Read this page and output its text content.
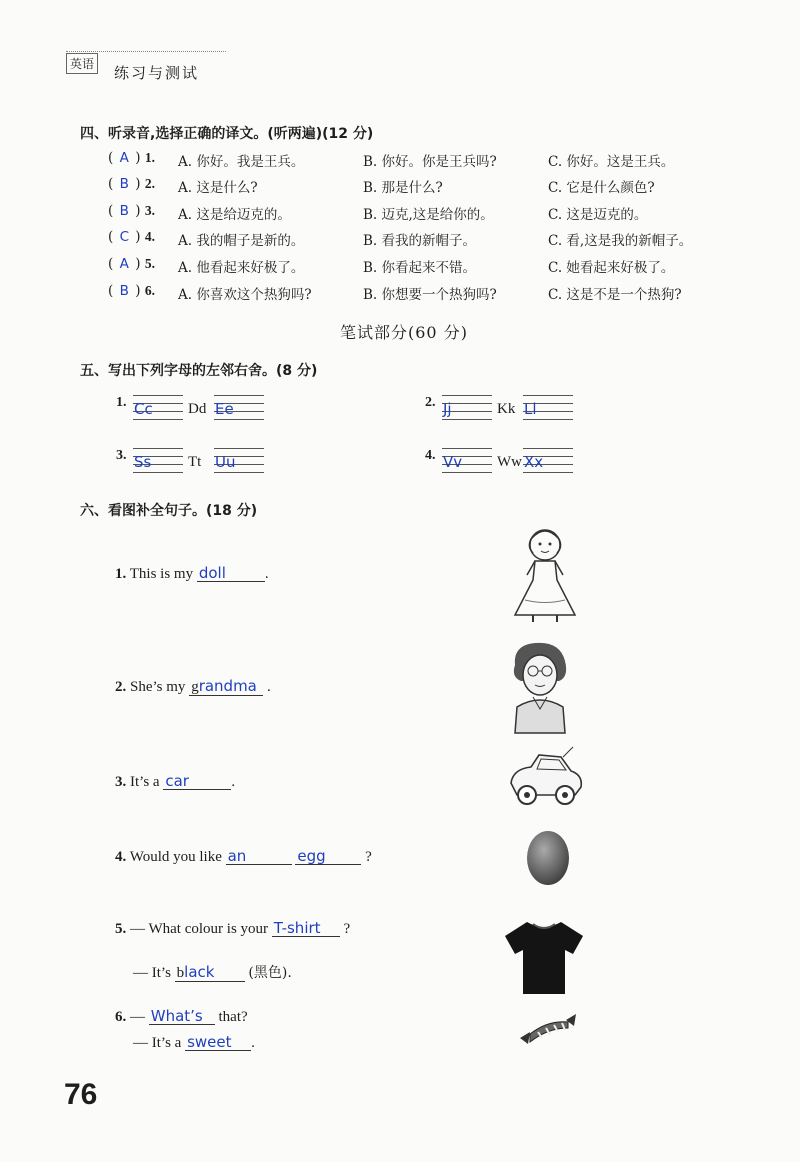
英语 练习与测试
四、听录音,选择正确的译文。(听两遍)(12 分)
( A ) 1. A. 你好。我是王兵。	B. 你好。你是王兵吗?	C. 你好。这是王兵。
( B ) 2. A. 这是什么?	B. 那是什么?	C. 它是什么颜色?
( B ) 3. A. 这是给迈克的。	B. 迈克,这是给你的。	C. 这是迈克的。
( C ) 4. A. 我的帽子是新的。	B. 看我的新帽子。	C. 看,这是我的新帽子。
( A ) 5. A. 他看起来好极了。	B. 你看起来不错。	C. 她看起来好极了。
( B ) 6. A. 你喜欢这个热狗吗?	B. 你想要一个热狗吗?	C. 这是不是一个热狗?
笔试部分(60 分)
五、写出下列字母的左邻右舍。(8 分)
1. Cc Dd Ee	2. Jj	Kk Ll
3. Ss Tt Uu	4. Vv Ww Xx
六、看图补全句子。(18 分)
1. This is my doll	.
2. She’s my grandma .
3. It’s a car	.
4. Would you like an	egg	?
5. — What colour is your T-shirt ?
— It’s black (黑色).
6. — What’s that?
— It’s a sweet .
76
